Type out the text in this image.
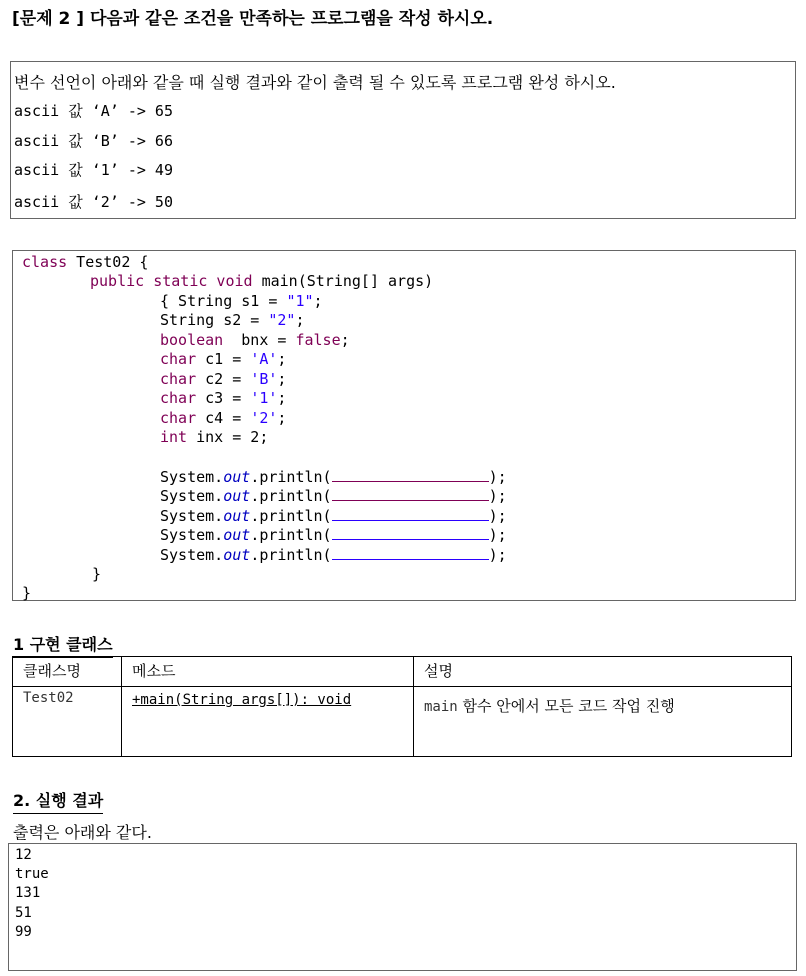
[문제 2 ] 다음과 같은 조건을 만족하는 프로그램을 작성 하시오.
변수 선언이 아래와 같을 때 실행 결과와 같이 출력 될 수 있도록 프로그램 완성 하시오.
ascii 값 ‘A’ -> 65
ascii 값 ‘B’ -> 66
ascii 값 ‘1’ -> 49
ascii 값 ‘2’ -> 50
class Test02 {
public static void main(String[] args)
{ String s1 = "1";
String s2 = "2";
boolean  bnx = false;
char c1 = 'A';
char c2 = 'B';
char c3 = '1';
char c4 = '2';
int inx = 2;
System.out.println(	);
System.out.println(	);
System.out.println(	);
System.out.println(	);
System.out.println(	);
}
}
1 구현 클래스
클래스명	메소드	설명
Test02	+main(String args[]): void	main 함수 안에서 모든 코드 작업 진행
2. 실행 결과
출력은 아래와 같다.
12
true
131
51
99
